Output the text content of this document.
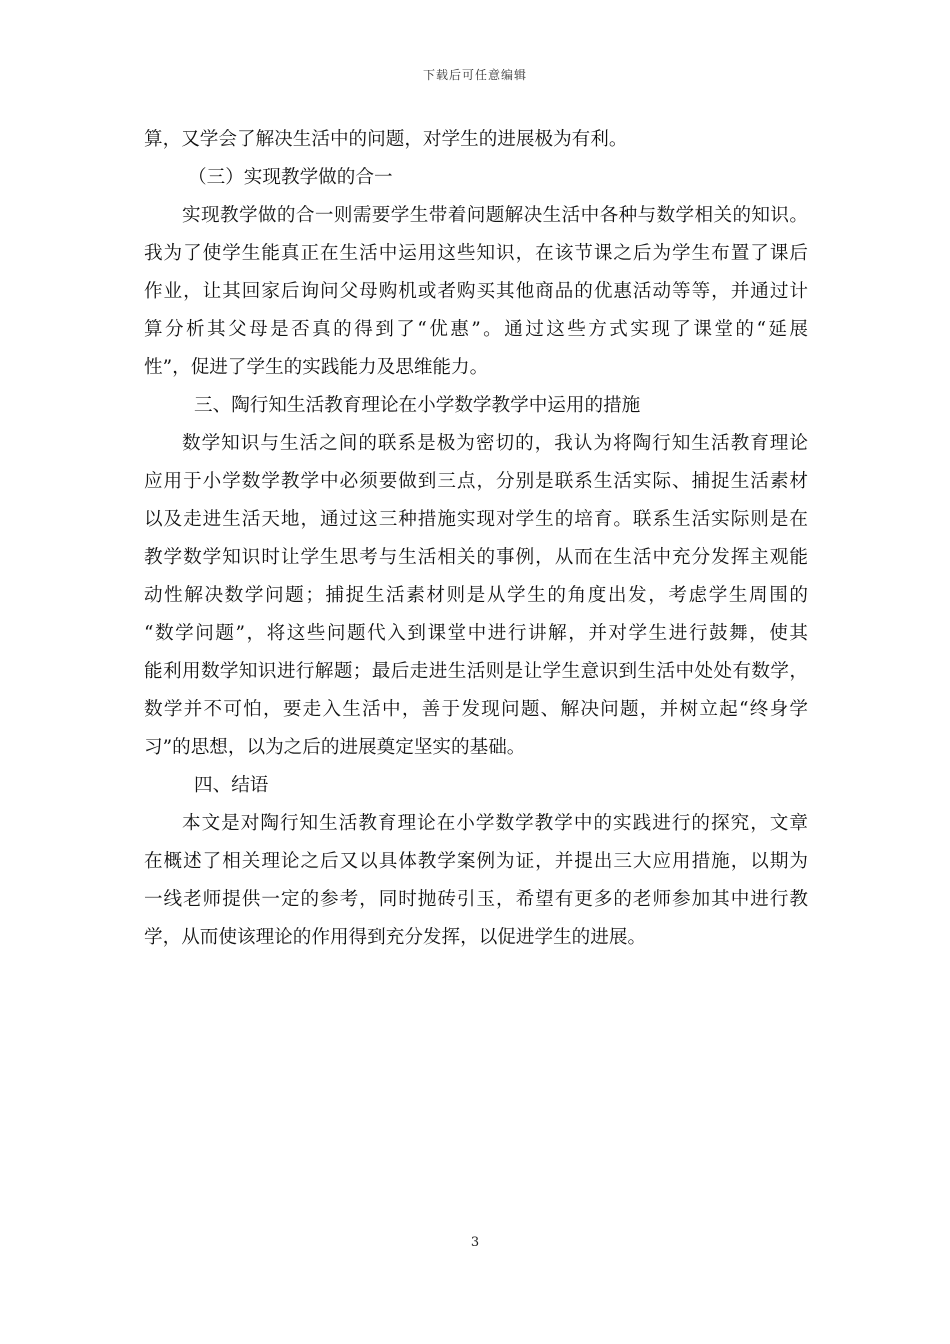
下载后可任意编辑
算，又学会了解决生活中的问题，对学生的进展极为有利。
（三）实现教学做的合一
实现教学做的合一则需要学生带着问题解决生活中各种与数学相关的知识。
我为了使学生能真正在生活中运用这些知识，在该节课之后为学生布置了课后
作业，让其回家后询问父母购机或者购买其他商品的优惠活动等等，并通过计
算分析其父母是否真的得到了“优惠”。通过这些方式实现了课堂的“延展
性”，促进了学生的实践能力及思维能力。
三、陶行知生活教育理论在小学数学教学中运用的措施
数学知识与生活之间的联系是极为密切的，我认为将陶行知生活教育理论
应用于小学数学教学中必须要做到三点，分别是联系生活实际、捕捉生活素材
以及走进生活天地，通过这三种措施实现对学生的培育。联系生活实际则是在
教学数学知识时让学生思考与生活相关的事例，从而在生活中充分发挥主观能
动性解决数学问题；捕捉生活素材则是从学生的角度出发，考虑学生周围的
“数学问题”，将这些问题代入到课堂中进行讲解，并对学生进行鼓舞，使其
能利用数学知识进行解题；最后走进生活则是让学生意识到生活中处处有数学，
数学并不可怕，要走入生活中，善于发现问题、解决问题，并树立起“终身学
习”的思想，以为之后的进展奠定坚实的基础。
四、结语
本文是对陶行知生活教育理论在小学数学教学中的实践进行的探究，文章
在概述了相关理论之后又以具体教学案例为证，并提出三大应用措施，以期为
一线老师提供一定的参考，同时抛砖引玉，希望有更多的老师参加其中进行教
学，从而使该理论的作用得到充分发挥，以促进学生的进展。
3
